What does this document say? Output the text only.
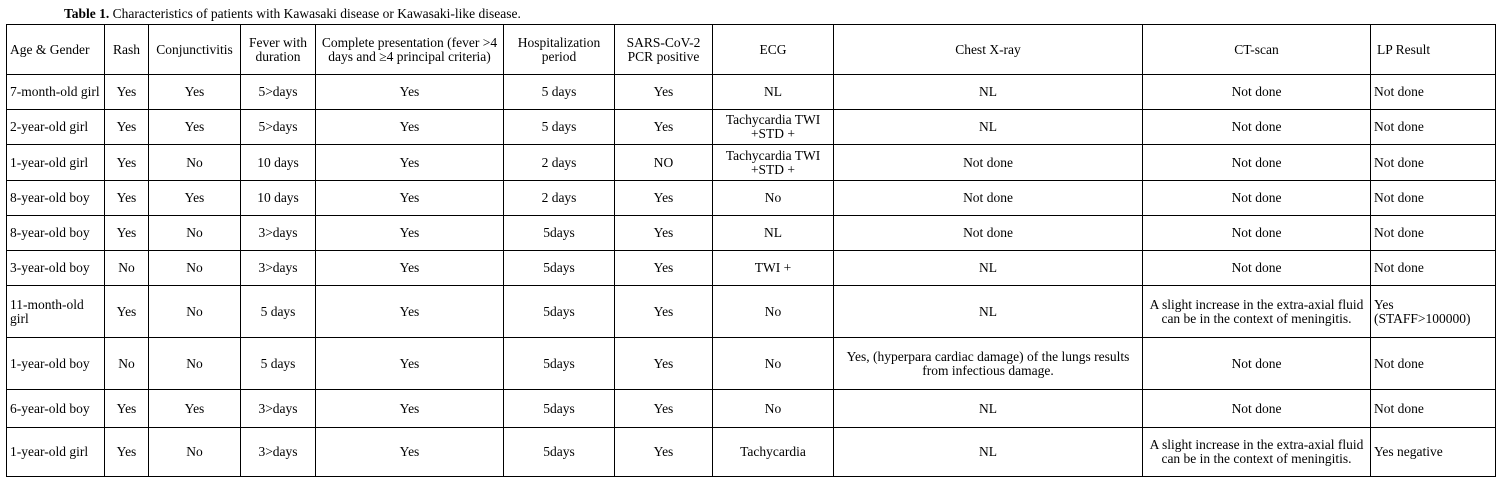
Table 1. Characteristics of patients with Kawasaki disease or Kawasaki-like disease.
Age & Gender	Rash	Conjunctivitis	Fever with duration	Complete presentation (fever >4 days and ≥4 principal criteria)	Hospitalization period	SARS-CoV-2 PCR positive	ECG	Chest X-ray	CT-scan	LP Result
7-month-old girl	Yes	Yes	5>days	Yes	5 days	Yes	NL	NL	Not done	Not done
2-year-old girl	Yes	Yes	5>days	Yes	5 days	Yes	Tachycardia TWI +STD +	NL	Not done	Not done
1-year-old girl	Yes	No	10 days	Yes	2 days	NO	Tachycardia TWI +STD +	Not done	Not done	Not done
8-year-old boy	Yes	Yes	10 days	Yes	2 days	Yes	No	Not done	Not done	Not done
8-year-old boy	Yes	No	3>days	Yes	5days	Yes	NL	Not done	Not done	Not done
3-year-old boy	No	No	3>days	Yes	5days	Yes	TWI +	NL	Not done	Not done
11-month-old girl	Yes	No	5 days	Yes	5days	Yes	No	NL	A slight increase in the extra-axial fluid can be in the context of meningitis.	Yes (STAFF>100000)
1-year-old boy	No	No	5 days	Yes	5days	Yes	No	Yes, (hyperpara cardiac damage) of the lungs results from infectious damage.	Not done	Not done
6-year-old boy	Yes	Yes	3>days	Yes	5days	Yes	No	NL	Not done	Not done
1-year-old girl	Yes	No	3>days	Yes	5days	Yes	Tachycardia	NL	A slight increase in the extra-axial fluid can be in the context of meningitis.	Yes negative
